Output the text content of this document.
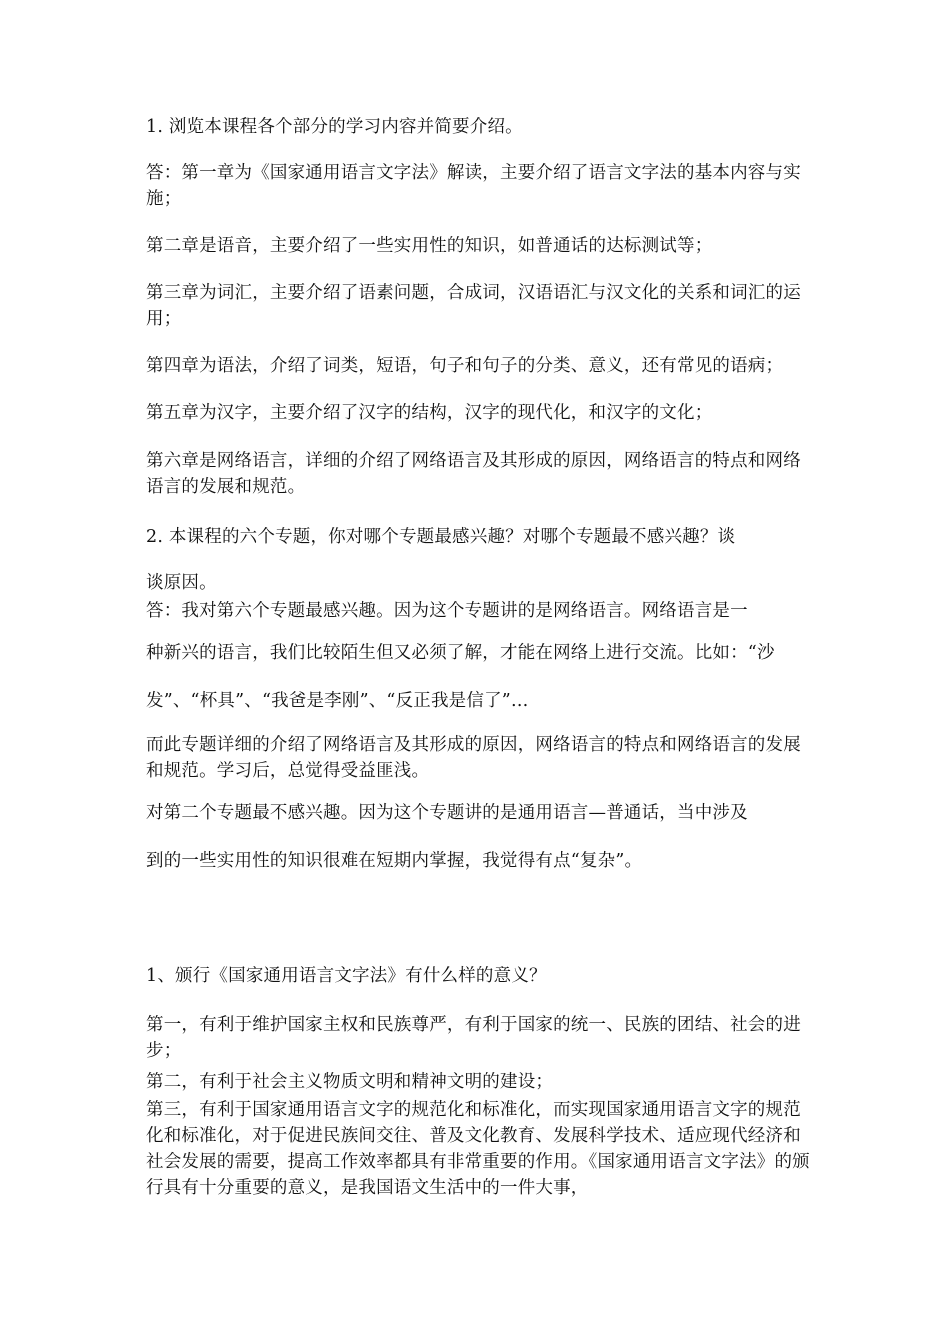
1. 浏览本课程各个部分的学习内容并简要介绍。

答：第一章为《国家通用语言文字法》解读，主要介绍了语言文字法的基本内容与实施；

第二章是语音，主要介绍了一些实用性的知识，如普通话的达标测试等；

第三章为词汇，主要介绍了语素问题，合成词，汉语语汇与汉文化的关系和词汇的运用；

第四章为语法，介绍了词类，短语，句子和句子的分类、意义，还有常见的语病；

第五章为汉字，主要介绍了汉字的结构，汉字的现代化，和汉字的文化；

第六章是网络语言，详细的介绍了网络语言及其形成的原因，网络语言的特点和网络语言的发展和规范。

2. 本课程的六个专题，你对哪个专题最感兴趣？对哪个专题最不感兴趣？谈

谈原因。

答：我对第六个专题最感兴趣。因为这个专题讲的是网络语言。网络语言是一

种新兴的语言，我们比较陌生但又必须了解，才能在网络上进行交流。比如：“沙

发”、“杯具”、“我爸是李刚”、“反正我是信了”…

而此专题详细的介绍了网络语言及其形成的原因，网络语言的特点和网络语言的发展和规范。学习后，总觉得受益匪浅。

对第二个专题最不感兴趣。因为这个专题讲的是通用语言—普通话，当中涉及

到的一些实用性的知识很难在短期内掌握，我觉得有点“复杂”。

1、颁行《国家通用语言文字法》有什么样的意义？

第一，有利于维护国家主权和民族尊严，有利于国家的统一、民族的团结、社会的进步；

第二，有利于社会主义物质文明和精神文明的建设；

第三，有利于国家通用语言文字的规范化和标准化，而实现国家通用语言文字的规范化和标准化，对于促进民族间交往、普及文化教育、发展科学技术、适应现代经济和社会发展的需要，提高工作效率都具有非常重要的作用。《国家通用语言文字法》的颁行具有十分重要的意义，是我国语文生活中的一件大事，
